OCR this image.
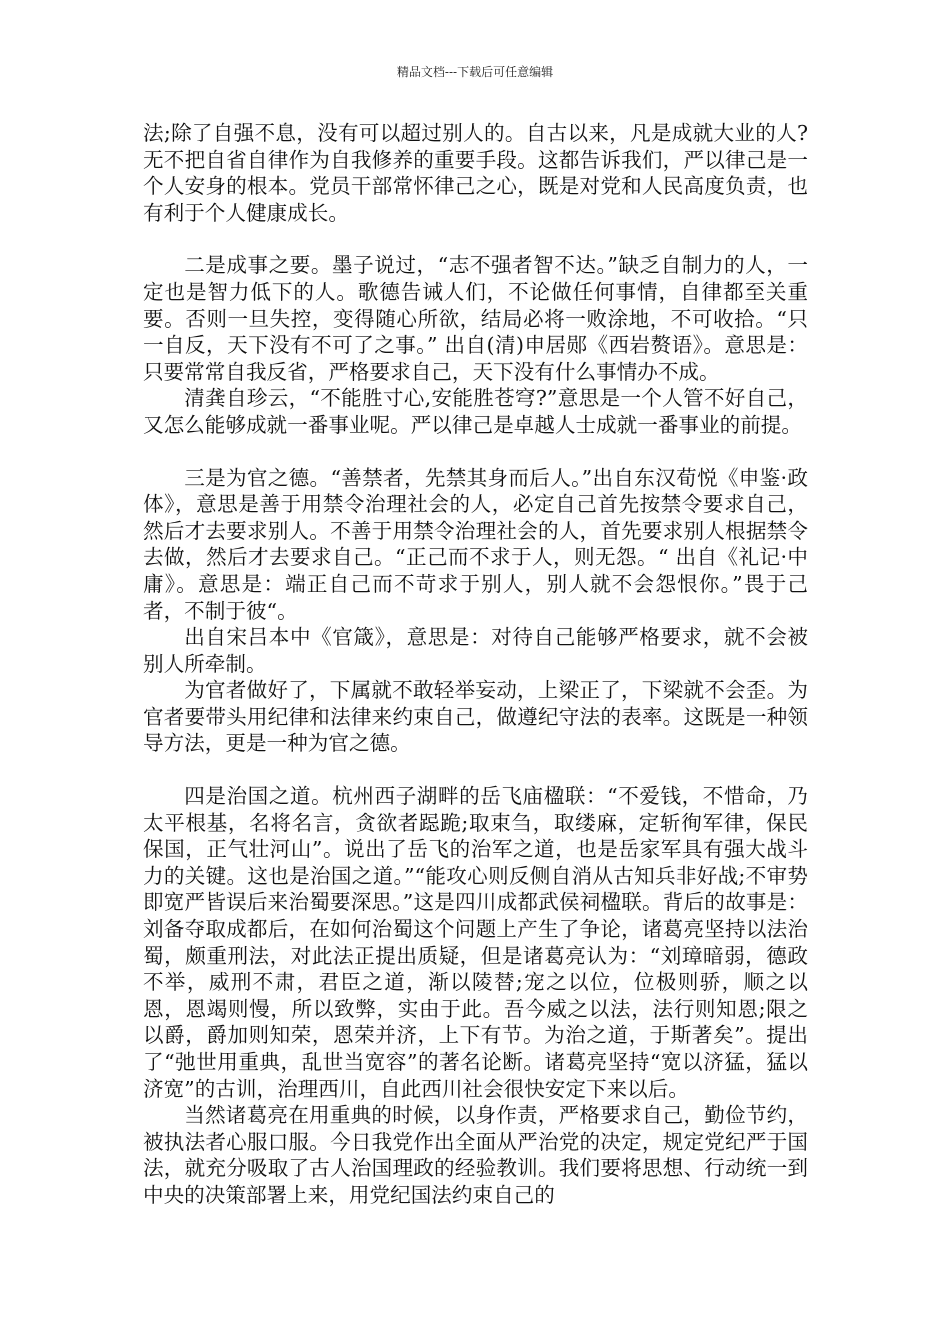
精品文档---下载后可任意编辑

法;除了自强不息，没有可以超过别人的。自古以来，凡是成就大业的人?无不把自省自律作为自我修养的重要手段。这都告诉我们，严以律己是一个人安身的根本。党员干部常怀律己之心，既是对党和人民高度负责，也有利于个人健康成长。

二是成事之要。墨子说过，“志不强者智不达。”缺乏自制力的人，一定也是智力低下的人。歌德告诫人们，不论做任何事情，自律都至关重要。否则一旦失控，变得随心所欲，结局必将一败涂地，不可收拾。“只一自反，天下没有不可了之事。” 出自(清)申居郧《西岩赘语》。意思是：只要常常自我反省，严格要求自己，天下没有什么事情办不成。

清龚自珍云，“不能胜寸心,安能胜苍穹?”意思是一个人管不好自己，又怎么能够成就一番事业呢。严以律己是卓越人士成就一番事业的前提。

三是为官之德。“善禁者，先禁其身而后人。”出自东汉荀悦《申鉴·政体》，意思是善于用禁令治理社会的人，必定自己首先按禁令要求自己，然后才去要求别人。不善于用禁令治理社会的人，首先要求别人根据禁令去做，然后才去要求自己。“正己而不求于人，则无怨。“ 出自《礼记·中庸》。意思是：端正自己而不苛求于别人，别人就不会怨恨你。”畏于己者，不制于彼“。

出自宋吕本中《官箴》，意思是：对待自己能够严格要求，就不会被别人所牵制。

为官者做好了，下属就不敢轻举妄动，上梁正了，下梁就不会歪。为官者要带头用纪律和法律来约束自己，做遵纪守法的表率。这既是一种领导方法，更是一种为官之德。

四是治国之道。杭州西子湖畔的岳飞庙楹联：“不爱钱，不惜命，乃太平根基，名将名言，贪欲者跽跪;取束刍，取缕麻，定斩徇军律，保民保国，正气壮河山”。说出了岳飞的治军之道，也是岳家军具有强大战斗力的关键。这也是治国之道。”“能攻心则反侧自消从古知兵非好战;不审势即宽严皆误后来治蜀要深思。”这是四川成都武侯祠楹联。背后的故事是：刘备夺取成都后，在如何治蜀这个问题上产生了争论，诸葛亮坚持以法治蜀，颇重刑法，对此法正提出质疑，但是诸葛亮认为：“刘璋暗弱，德政不举，威刑不肃，君臣之道，渐以陵替;宠之以位，位极则骄，顺之以恩，恩竭则慢，所以致弊，实由于此。吾今威之以法，法行则知恩;限之以爵，爵加则知荣，恩荣并济，上下有节。为治之道，于斯著矣”。提出了“弛世用重典，乱世当宽容”的著名论断。诸葛亮坚持“宽以济猛，猛以济宽”的古训，治理西川，自此西川社会很快安定下来以后。

当然诸葛亮在用重典的时候，以身作责，严格要求自己，勤俭节约，被执法者心服口服。今日我党作出全面从严治党的决定，规定党纪严于国法，就充分吸取了古人治国理政的经验教训。我们要将思想、行动统一到中央的决策部署上来，用党纪国法约束自己的
